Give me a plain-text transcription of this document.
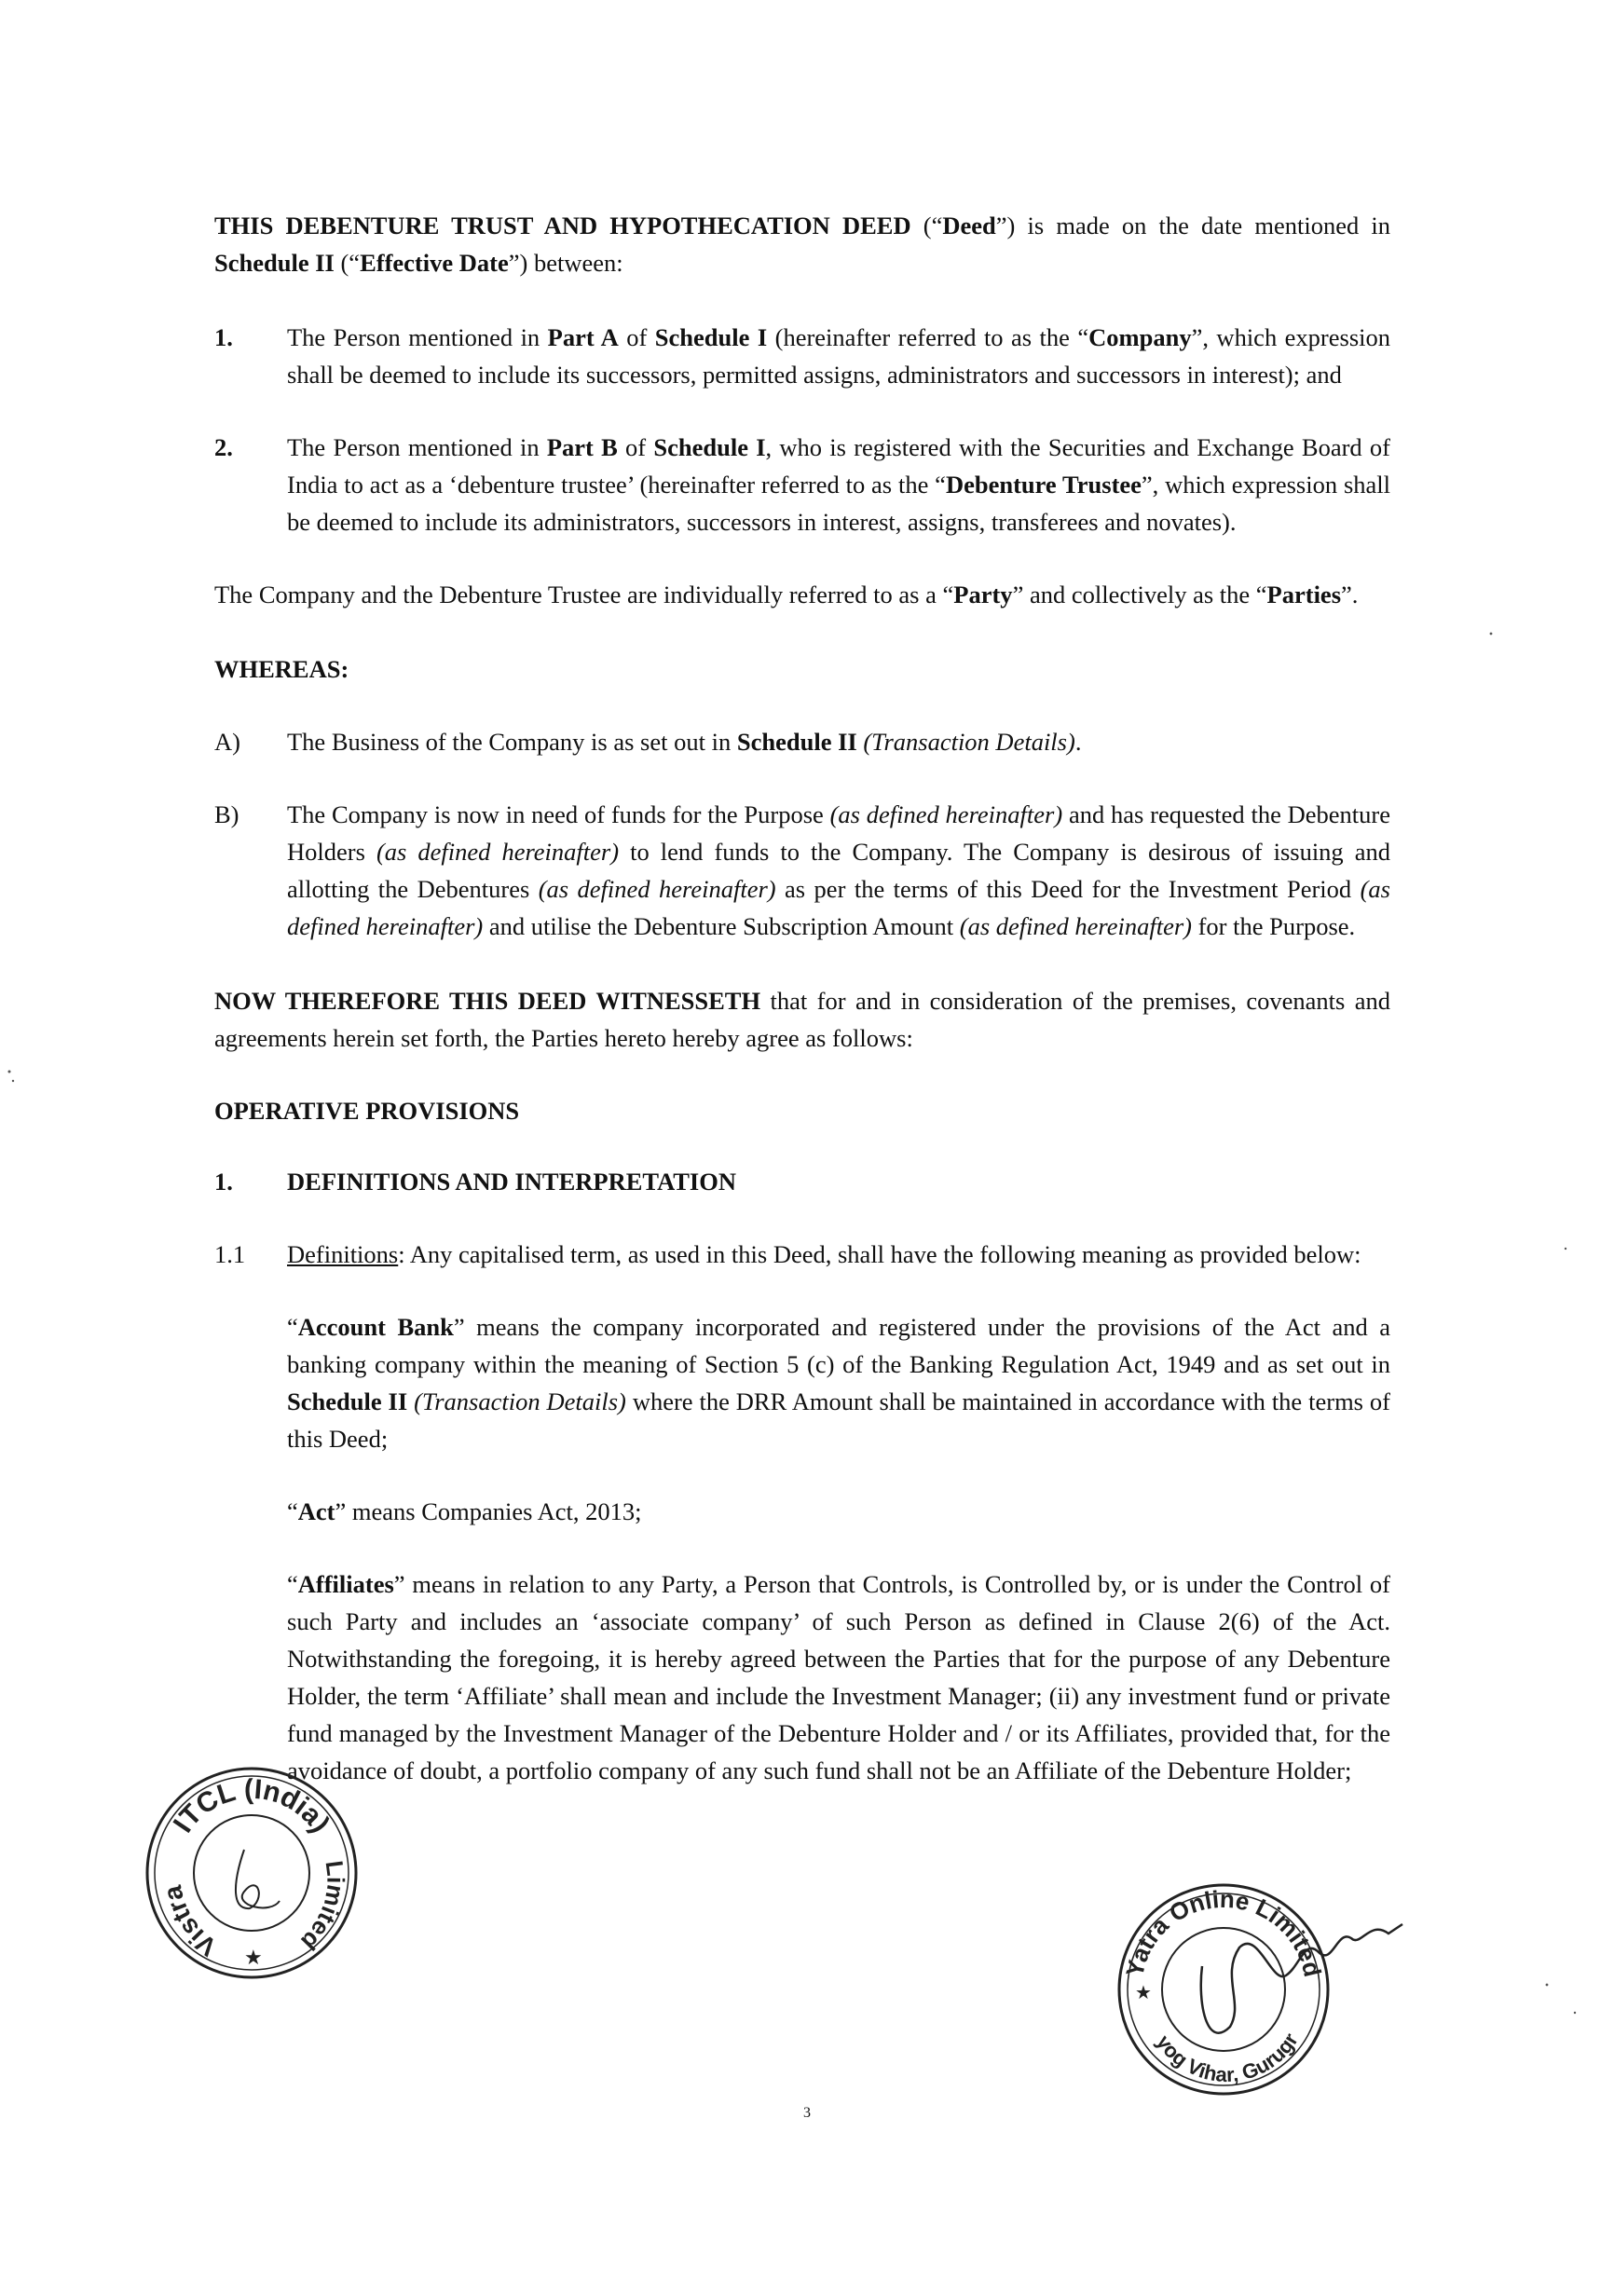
THIS DEBENTURE TRUST AND HYPOTHECATION DEED (“Deed”) is made on the date mentioned in Schedule II (“Effective Date”) between:

1.	The Person mentioned in Part A of Schedule I (hereinafter referred to as the “Company”, which expression shall be deemed to include its successors, permitted assigns, administrators and successors in interest); and

2.	The Person mentioned in Part B of Schedule I, who is registered with the Securities and Exchange Board of India to act as a ‘debenture trustee’ (hereinafter referred to as the “Debenture Trustee”, which expression shall be deemed to include its administrators, successors in interest, assigns, transferees and novates).

The Company and the Debenture Trustee are individually referred to as a “Party” and collectively as the “Parties”.

WHEREAS:

A)	The Business of the Company is as set out in Schedule II (Transaction Details).

B)	The Company is now in need of funds for the Purpose (as defined hereinafter) and has requested the Debenture Holders (as defined hereinafter) to lend funds to the Company. The Company is desirous of issuing and allotting the Debentures (as defined hereinafter) as per the terms of this Deed for the Investment Period (as defined hereinafter) and utilise the Debenture Subscription Amount (as defined hereinafter) for the Purpose.

NOW THEREFORE THIS DEED WITNESSETH that for and in consideration of the premises, covenants and agreements herein set forth, the Parties hereto hereby agree as follows:

OPERATIVE PROVISIONS

1.	DEFINITIONS AND INTERPRETATION
1.1	Definitions: Any capitalised term, as used in this Deed, shall have the following meaning as provided below:

“Account Bank” means the company incorporated and registered under the provisions of the Act and a banking company within the meaning of Section 5 (c) of the Banking Regulation Act, 1949 and as set out in Schedule II (Transaction Details) where the DRR Amount shall be maintained in accordance with the terms of this Deed;

“Act” means Companies Act, 2013;

“Affiliates” means in relation to any Party, a Person that Controls, is Controlled by, or is under the Control of such Party and includes an ‘associate company’ of such Person as defined in Clause 2(6) of the Act. Notwithstanding the foregoing, it is hereby agreed between the Parties that for the purpose of any Debenture Holder, the term ‘Affiliate’ shall mean and include the Investment Manager; (ii) any investment fund or private fund managed by the Investment Manager of the Debenture Holder and / or its Affiliates, provided that, for the avoidance of doubt, a portfolio company of any such fund shall not be an Affiliate of the Debenture Holder;

3
ITCL (India)
Vistra
Limited
★
Yatra Online Limited
yog Vihar, Gurugr
★
